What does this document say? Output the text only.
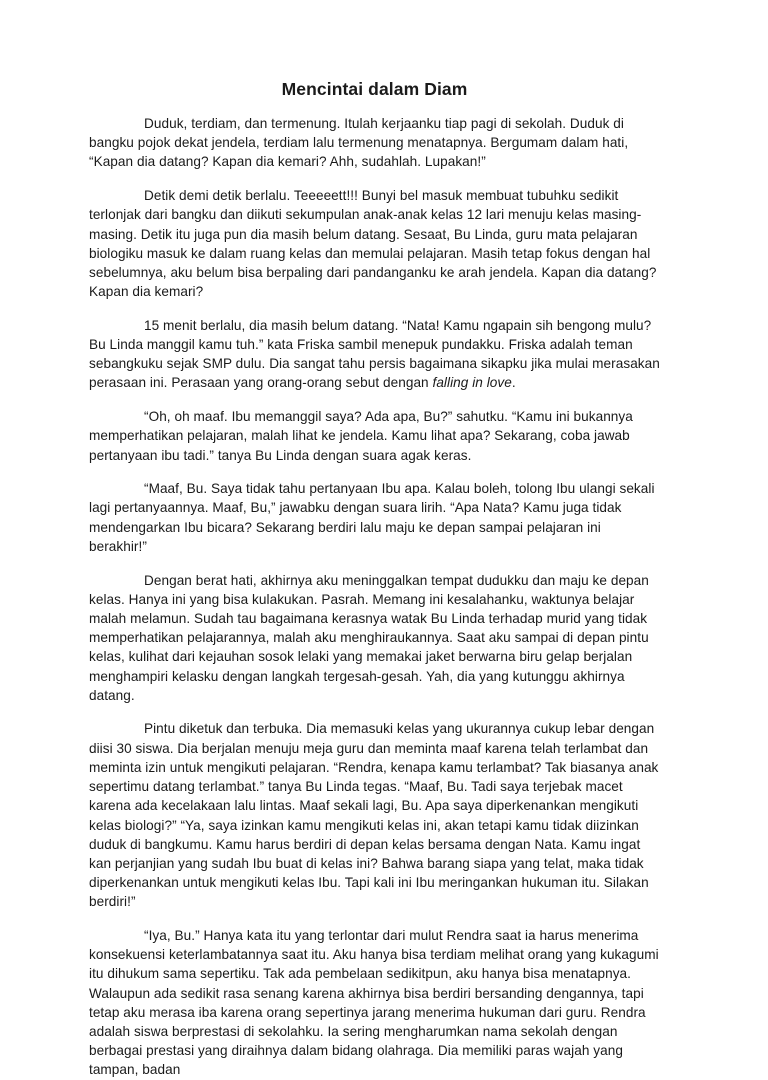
Mencintai dalam Diam

Duduk, terdiam, dan termenung. Itulah kerjaanku tiap pagi di sekolah. Duduk di bangku pojok dekat jendela, terdiam lalu termenung menatapnya. Bergumam dalam hati, “Kapan dia datang? Kapan dia kemari? Ahh, sudahlah. Lupakan!”

Detik demi detik berlalu. Teeeeett!!! Bunyi bel masuk membuat tubuhku sedikit terlonjak dari bangku dan diikuti sekumpulan anak-anak kelas 12 lari menuju kelas masing-masing. Detik itu juga pun dia masih belum datang. Sesaat, Bu Linda, guru mata pelajaran biologiku masuk ke dalam ruang kelas dan memulai pelajaran. Masih tetap fokus dengan hal sebelumnya, aku belum bisa berpaling dari pandanganku ke arah jendela. Kapan dia datang? Kapan dia kemari?

15 menit berlalu, dia masih belum datang. “Nata! Kamu ngapain sih bengong mulu? Bu Linda manggil kamu tuh.” kata Friska sambil menepuk pundakku. Friska adalah teman sebangkuku sejak SMP dulu. Dia sangat tahu persis bagaimana sikapku jika mulai merasakan perasaan ini. Perasaan yang orang-orang sebut dengan falling in love.

“Oh, oh maaf. Ibu memanggil saya? Ada apa, Bu?” sahutku. “Kamu ini bukannya memperhatikan pelajaran, malah lihat ke jendela. Kamu lihat apa? Sekarang, coba jawab pertanyaan ibu tadi.” tanya Bu Linda dengan suara agak keras.

“Maaf, Bu. Saya tidak tahu pertanyaan Ibu apa. Kalau boleh, tolong Ibu ulangi sekali lagi pertanyaannya. Maaf, Bu,” jawabku dengan suara lirih. “Apa Nata? Kamu juga tidak mendengarkan Ibu bicara? Sekarang berdiri lalu maju ke depan sampai pelajaran ini berakhir!”

Dengan berat hati, akhirnya aku meninggalkan tempat dudukku dan maju ke depan kelas. Hanya ini yang bisa kulakukan. Pasrah. Memang ini kesalahanku, waktunya belajar malah melamun. Sudah tau bagaimana kerasnya watak Bu Linda terhadap murid yang tidak memperhatikan pelajarannya, malah aku menghiraukannya. Saat aku sampai di depan pintu kelas, kulihat dari kejauhan sosok lelaki yang memakai jaket berwarna biru gelap berjalan menghampiri kelasku dengan langkah tergesah-gesah. Yah, dia yang kutunggu akhirnya datang.

Pintu diketuk dan terbuka. Dia memasuki kelas yang ukurannya cukup lebar dengan diisi 30 siswa. Dia berjalan menuju meja guru dan meminta maaf karena telah terlambat dan meminta izin untuk mengikuti pelajaran. “Rendra, kenapa kamu terlambat? Tak biasanya anak sepertimu datang terlambat.” tanya Bu Linda tegas. “Maaf, Bu. Tadi saya terjebak macet karena ada kecelakaan lalu lintas. Maaf sekali lagi, Bu. Apa saya diperkenankan mengikuti kelas biologi?” “Ya, saya izinkan kamu mengikuti kelas ini, akan tetapi kamu tidak diizinkan duduk di bangkumu. Kamu harus berdiri di depan kelas bersama dengan Nata. Kamu ingat kan perjanjian yang sudah Ibu buat di kelas ini? Bahwa barang siapa yang telat, maka tidak diperkenankan untuk mengikuti kelas Ibu. Tapi kali ini Ibu meringankan hukuman itu. Silakan berdiri!”

“Iya, Bu.” Hanya kata itu yang terlontar dari mulut Rendra saat ia harus menerima konsekuensi keterlambatannya saat itu. Aku hanya bisa terdiam melihat orang yang kukagumi itu dihukum sama sepertiku. Tak ada pembelaan sedikitpun, aku hanya bisa menatapnya. Walaupun ada sedikit rasa senang karena akhirnya bisa berdiri bersanding dengannya, tapi tetap aku merasa iba karena orang sepertinya jarang menerima hukuman dari guru. Rendra adalah siswa berprestasi di sekolahku. Ia sering mengharumkan nama sekolah dengan berbagai prestasi yang diraihnya dalam bidang olahraga. Dia memiliki paras wajah yang tampan, badan
